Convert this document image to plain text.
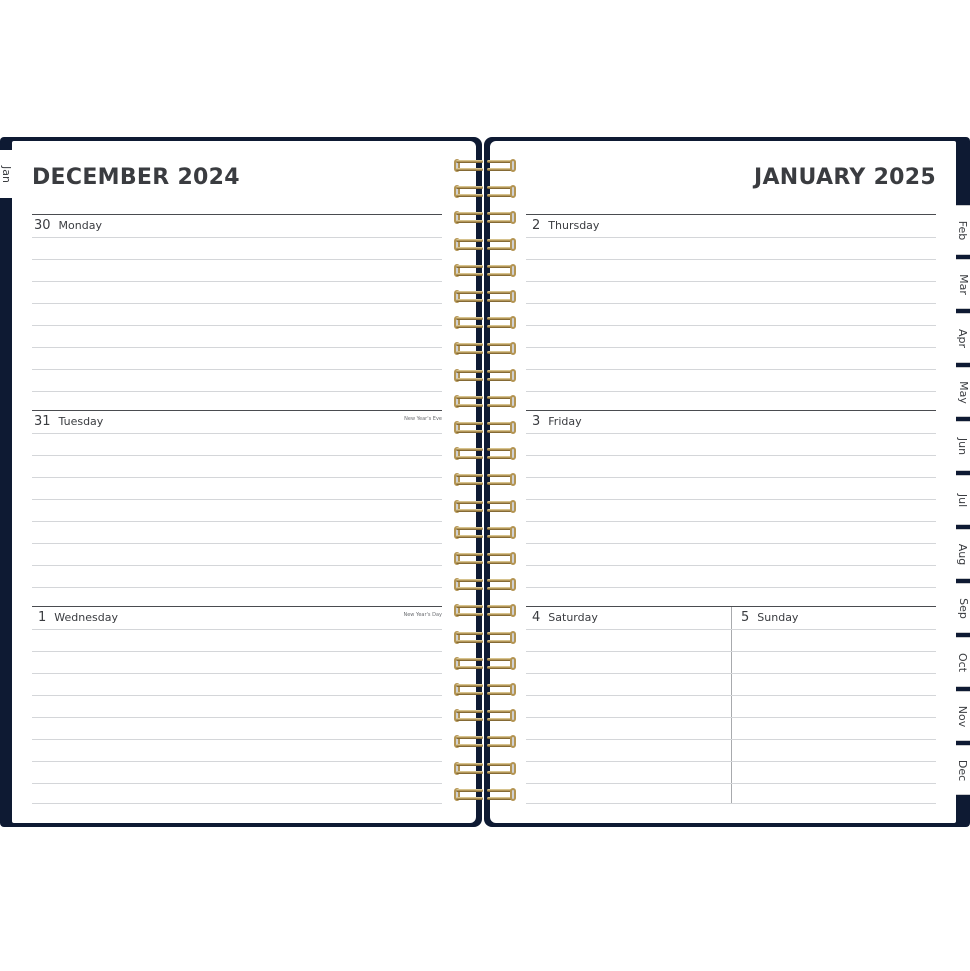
Jan DECEMBER 2024
30 Monday
31 Tuesday	New Year's Eve
1 Wednesday	New Year's Day
JANUARY 2025
2 Thursday
3 Friday
4 Saturday	5 Sunday
Feb
Mar
Apr
May
Jun
Jul
Aug
Sep
Oct
Nov
Dec
